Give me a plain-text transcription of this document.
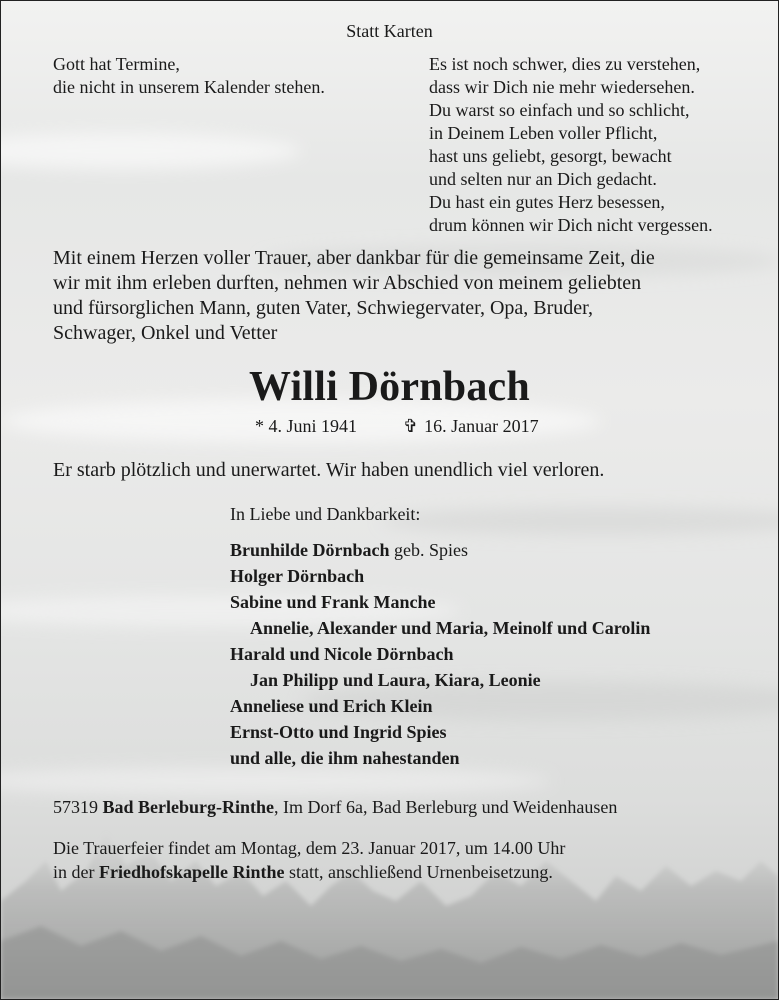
Statt Karten
Gott hat Termine,
die nicht in unserem Kalender stehen.
Es ist noch schwer, dies zu verstehen,
dass wir Dich nie mehr wiedersehen.
Du warst so einfach und so schlicht,
in Deinem Leben voller Pflicht,
hast uns geliebt, gesorgt, bewacht
und selten nur an Dich gedacht.
Du hast ein gutes Herz besessen,
drum können wir Dich nicht vergessen.
Mit einem Herzen voller Trauer, aber dankbar für die gemeinsame Zeit, die
wir mit ihm erleben durften, nehmen wir Abschied von meinem geliebten
und fürsorglichen Mann, guten Vater, Schwiegervater, Opa, Bruder,
Schwager, Onkel und Vetter
Willi Dörnbach
* 4. Juni 1941	✞ 16. Januar 2017
Er starb plötzlich und unerwartet. Wir haben unendlich viel verloren.
In Liebe und Dankbarkeit:
Brunhilde Dörnbach geb. Spies
Holger Dörnbach
Sabine und Frank Manche
Annelie, Alexander und Maria, Meinolf und Carolin
Harald und Nicole Dörnbach
Jan Philipp und Laura, Kiara, Leonie
Anneliese und Erich Klein
Ernst-Otto und Ingrid Spies
und alle, die ihm nahestanden
57319 Bad Berleburg-Rinthe, Im Dorf 6a, Bad Berleburg und Weidenhausen
Die Trauerfeier findet am Montag, dem 23. Januar 2017, um 14.00 Uhr
in der Friedhofskapelle Rinthe statt, anschließend Urnenbeisetzung.
